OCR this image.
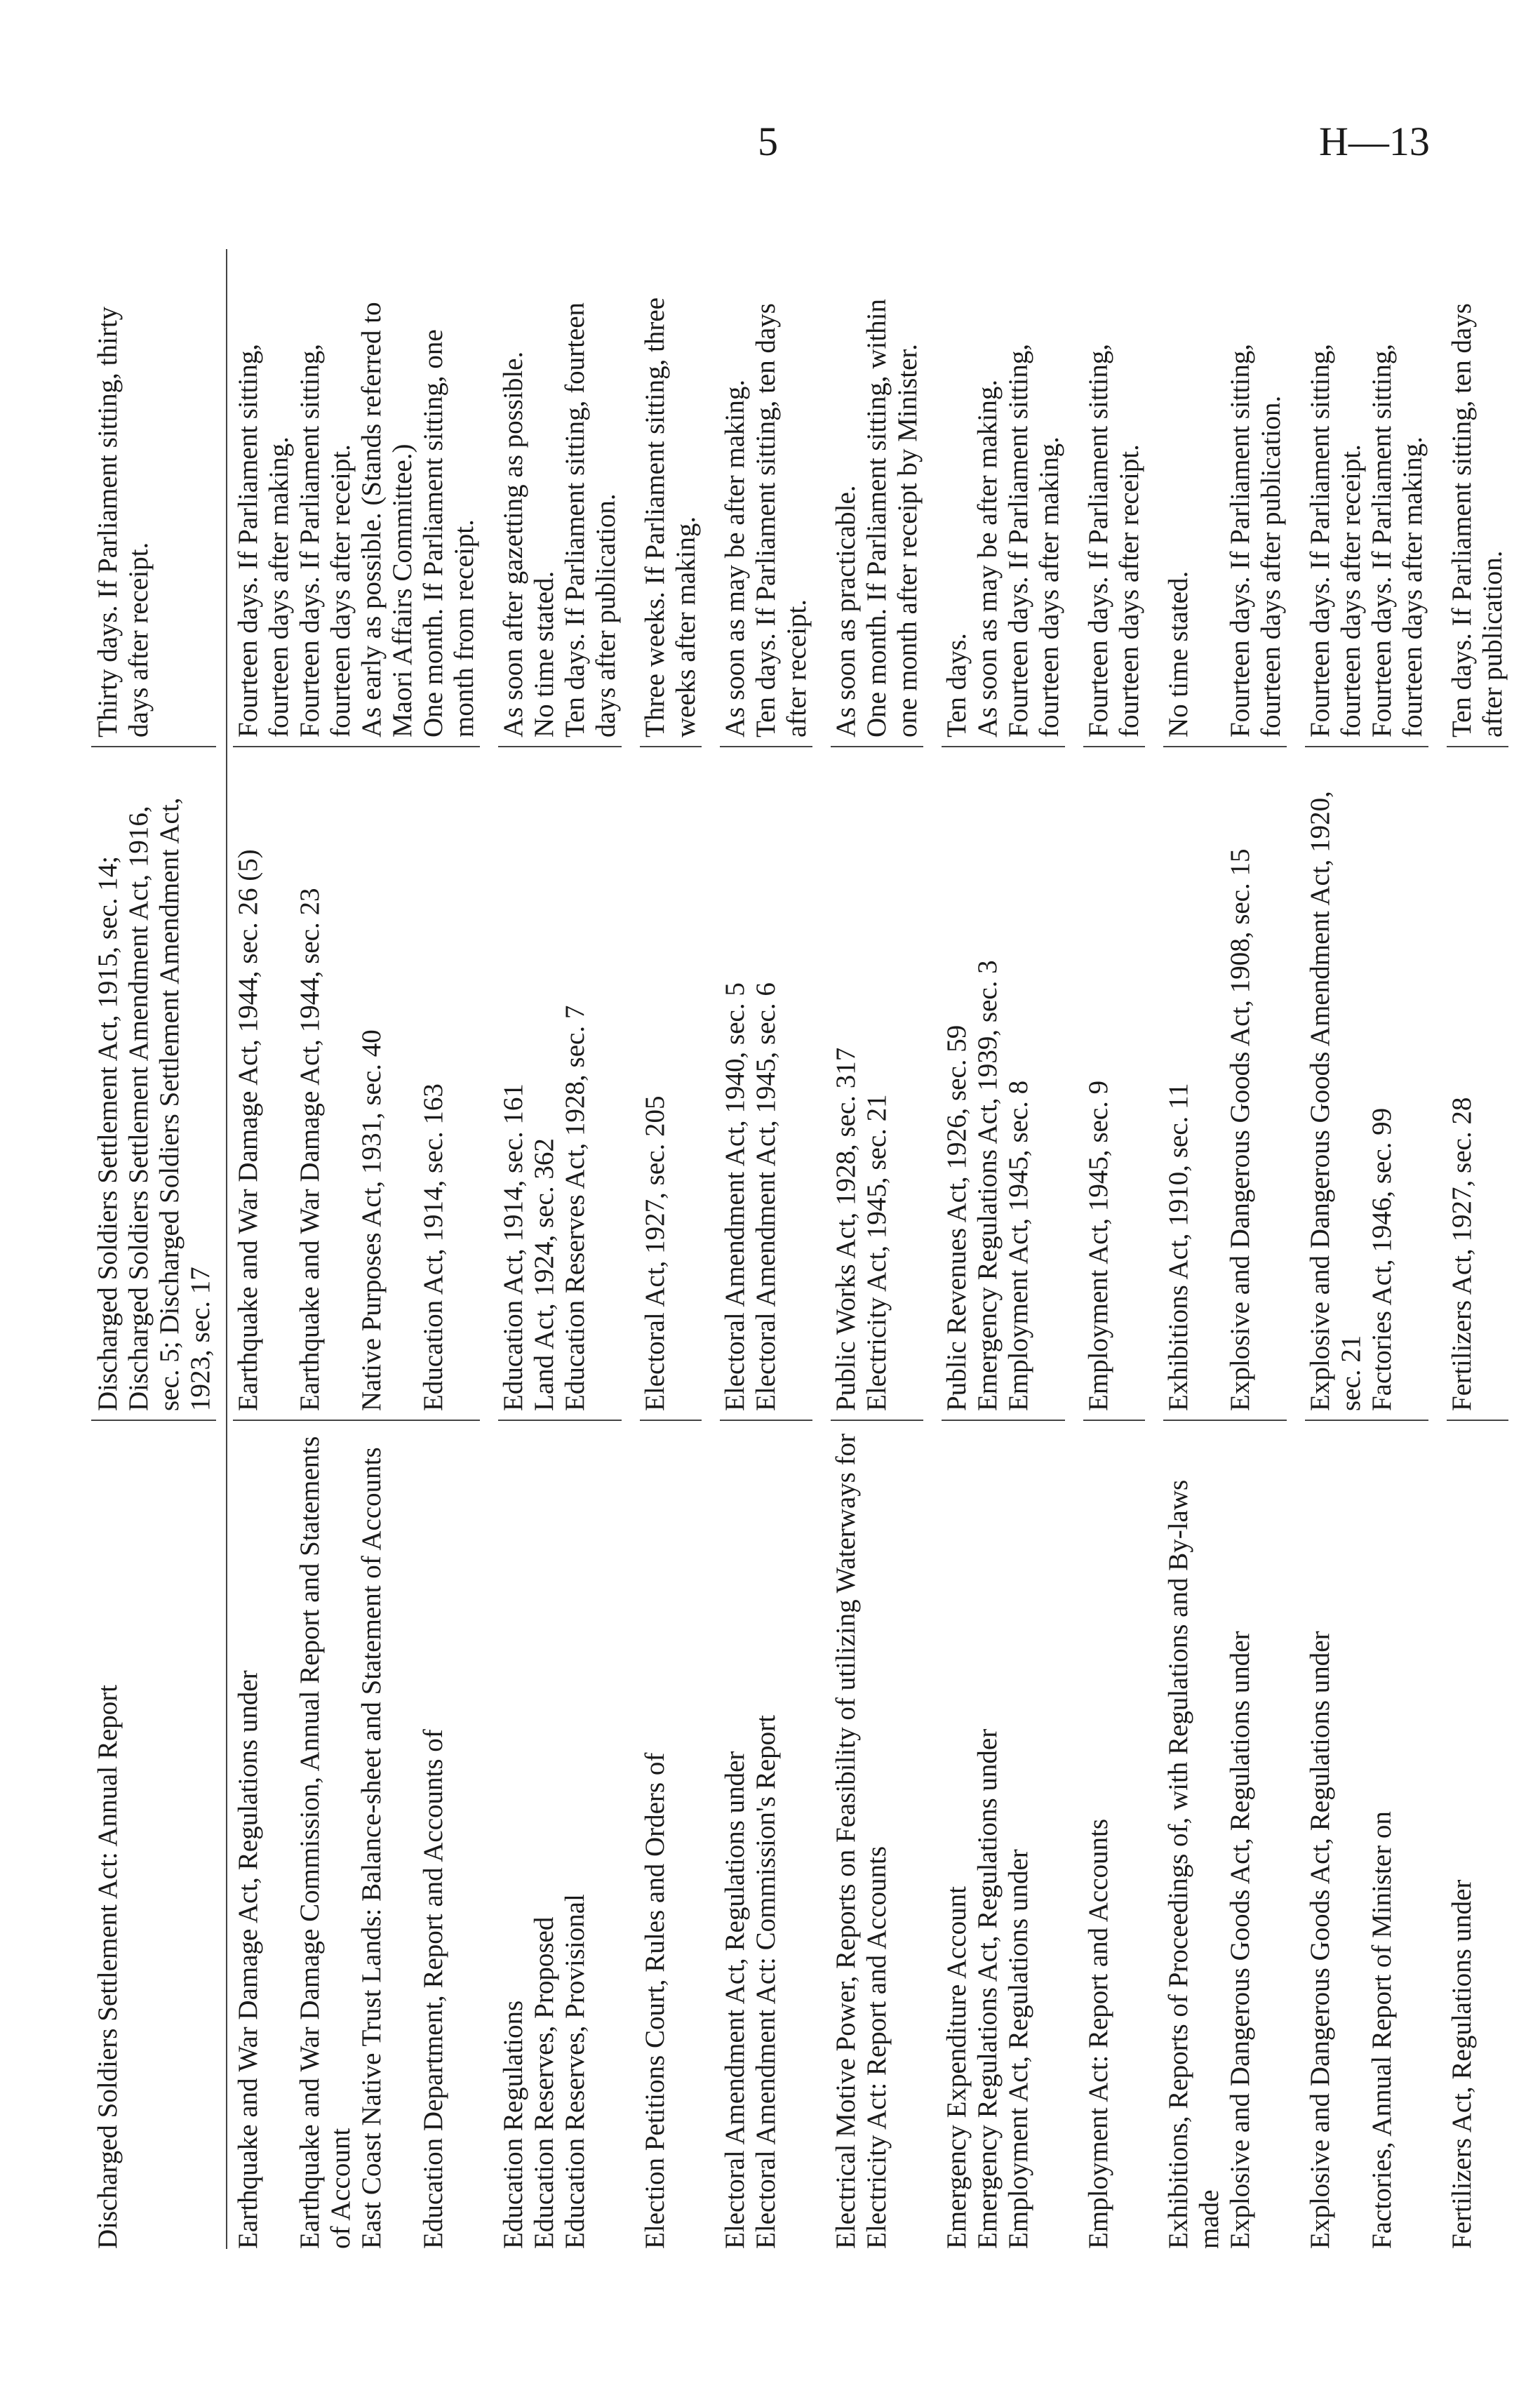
5	H—13
Discharged Soldiers Settlement Act: Annual Report
Discharged Soldiers Settlement Act, 1915, sec. 14; Discharged Soldiers Settlement Amendment Act, 1916, sec. 5; Discharged Soldiers Settlement Amendment Act, 1923, sec. 17
Thirty days. If Parliament sitting, thirty days after receipt.
Earthquake and War Damage Act, Regulations under
Earthquake and War Damage Act, 1944, sec. 26 (5)
Fourteen days. If Parliament sitting, fourteen days after making.
Earthquake and War Damage Commission, Annual Report and Statements of Account
Earthquake and War Damage Act, 1944, sec. 23
Fourteen days. If Parliament sitting, fourteen days after receipt.
East Coast Native Trust Lands: Balance-sheet and Statement of Accounts
Native Purposes Act, 1931, sec. 40
As early as possible. (Stands referred to Maori Affairs Committee.)
Education Department, Report and Accounts of
Education Act, 1914, sec. 163
One month. If Parliament sitting, one month from receipt.
Education Regulations
Education Act, 1914, sec. 161
As soon after gazetting as possible.
Education Reserves, Proposed
Land Act, 1924, sec. 362
No time stated.
Education Reserves, Provisional
Education Reserves Act, 1928, sec. 7
Ten days. If Parliament sitting, fourteen days after publication.
Election Petitions Court, Rules and Orders of
Electoral Act, 1927, sec. 205
Three weeks. If Parliament sitting, three weeks after making.
Electoral Amendment Act, Regulations under
Electoral Amendment Act, 1940, sec. 5
As soon as may be after making.
Electoral Amendment Act: Commission's Report
Electoral Amendment Act, 1945, sec. 6
Ten days. If Parliament sitting, ten days after receipt.
Electrical Motive Power, Reports on Feasibility of utilizing Waterways for
Public Works Act, 1928, sec. 317
As soon as practicable.
Electricity Act: Report and Accounts
Electricity Act, 1945, sec. 21
One month. If Parliament sitting, within one month after receipt by Minister.
Emergency Expenditure Account
Public Revenues Act, 1926, sec. 59
Ten days.
Emergency Regulations Act, Regulations under
Emergency Regulations Act, 1939, sec. 3
As soon as may be after making.
Employment Act, Regulations under
Employment Act, 1945, sec. 8
Fourteen days. If Parliament sitting, fourteen days after making.
Employment Act: Report and Accounts
Employment Act, 1945, sec. 9
Fourteen days. If Parliament sitting, fourteen days after receipt.
Exhibitions, Reports of Proceedings of, with Regulations and By-laws made
Exhibitions Act, 1910, sec. 11
No time stated.
Explosive and Dangerous Goods Act, Regulations under
Explosive and Dangerous Goods Act, 1908, sec. 15
Fourteen days. If Parliament sitting, fourteen days after publication.
Explosive and Dangerous Goods Act, Regulations under
Explosive and Dangerous Goods Amendment Act, 1920, sec. 21
Fourteen days. If Parliament sitting, fourteen days after receipt.
Factories, Annual Report of Minister on
Factories Act, 1946, sec. 99
Fourteen days. If Parliament sitting, fourteen days after making.
Fertilizers Act, Regulations under
Fertilizers Act, 1927, sec. 28
Ten days. If Parliament sitting, ten days after publication.
